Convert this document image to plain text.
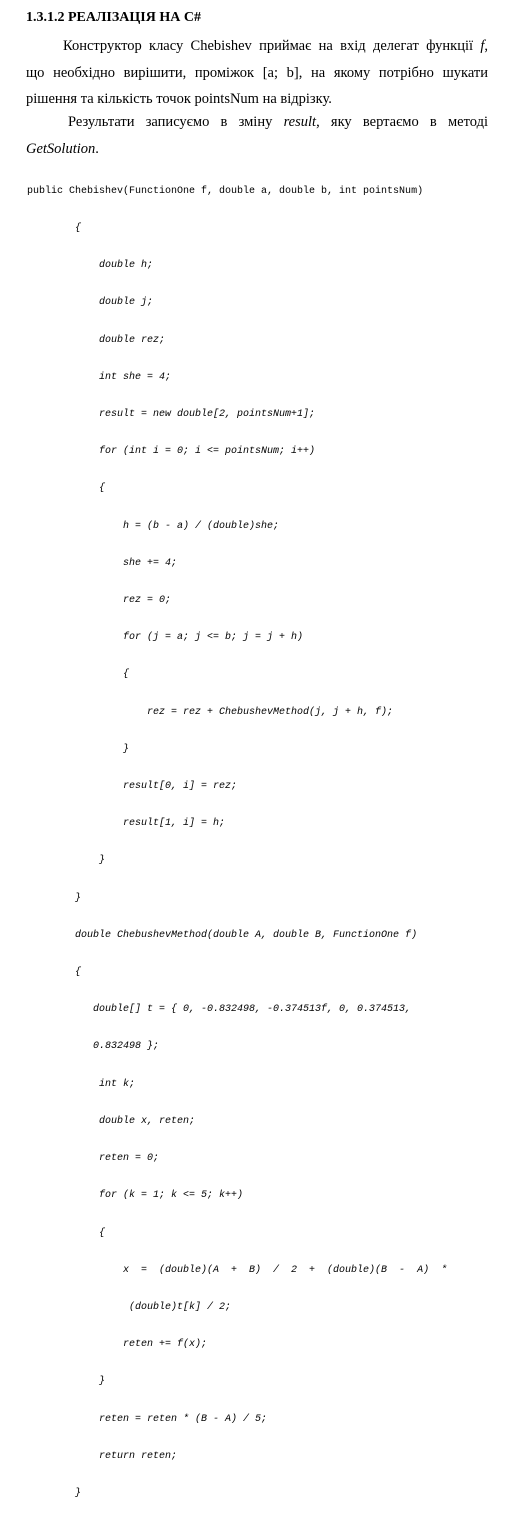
1.3.1.2 РЕАЛІЗАЦІЯ НА C#
Конструктор класу Chebishev приймає на вхід делегат функції f,
що необхідно вирішити, проміжок [a; b], на якому потрібно шукати
рішення та кількість точок pointsNum на відрізку.
Результати записуємо в зміну result, яку вертаємо в методі
GetSolution.

public Chebishev(FunctionOne f, double a, double b, int pointsNum)

{

double h;

double j;

double rez;

int she = 4;

result = new double[2, pointsNum+1];

for (int i = 0; i <= pointsNum; i++)

{

h = (b - a) / (double)she;

she += 4;

rez = 0;

for (j = a; j <= b; j = j + h)

{

rez = rez + ChebushevMethod(j, j + h, f);

}

result[0, i] = rez;

result[1, i] = h;

}

}

double ChebushevMethod(double A, double B, FunctionOne f)

{

double[] t = { 0, -0.832498, -0.374513f, 0, 0.374513,

0.832498 };

int k;

double x, reten;

reten = 0;

for (k = 1; k <= 5; k++)

{

x  =  (double)(A  +  B)  /  2  +  (double)(B  -  A)  *

(double)t[k] / 2;

reten += f(x);

}

reten = reten * (B - A) / 5;

return reten;

}
